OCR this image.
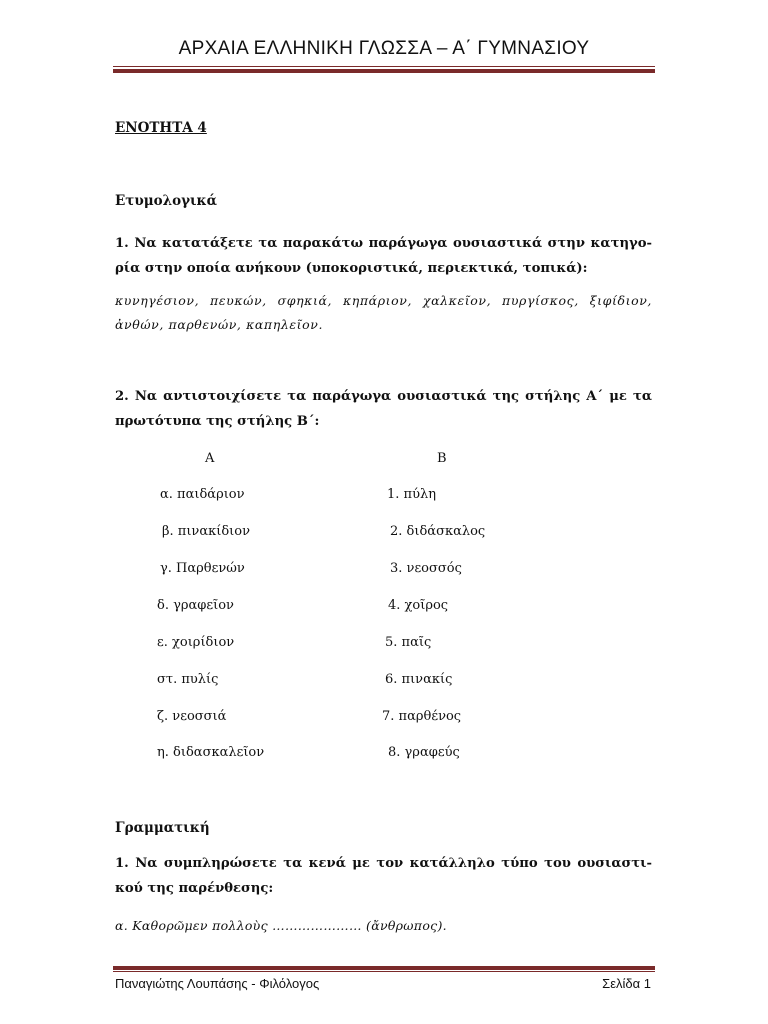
ΑΡΧΑΙΑ ΕΛΛΗΝΙΚΗ ΓΛΩΣΣΑ – Α΄ ΓΥΜΝΑΣΙΟΥ
ΕΝΟΤΗΤΑ 4
Ετυμολογικά
1. Να κατατάξετε τα παρακάτω παράγωγα ουσιαστικά στην κατηγο-
ρία στην οποία ανήκουν (υποκοριστικά, περιεκτικά, τοπικά):
κυνηγέσιον, πευκών, σφηκιά, κηπάριον, χαλκεῖον, πυργίσκος, ξιφίδιον,
ἀνθών, παρθενών, καπηλεῖον.
2. Να αντιστοιχίσετε τα παράγωγα ουσιαστικά της στήλης Α΄ με τα
πρωτότυπα της στήλης Β΄:
Α	Β
α. παιδάριον
β. πινακίδιον
γ. Παρθενών
δ. γραφεῖον
ε. χοιρίδιον
στ. πυλίς
ζ. νεοσσιά
η. διδασκαλεῖον
1. πύλη
2. διδάσκαλος
3. νεοσσός
4. χοῖρος
5. παῖς
6. πινακίς
7. παρθένος
8. γραφεύς
Γραμματική
1. Να συμπληρώσετε τα κενά με τον κατάλληλο τύπο του ουσιαστι-
κού της παρένθεσης:
α. Καθορῶμεν πολλοὺς ………………… (ἄνθρωπος).
Παναγιώτης Λουπάσης - Φιλόλογος	Σελίδα 1
